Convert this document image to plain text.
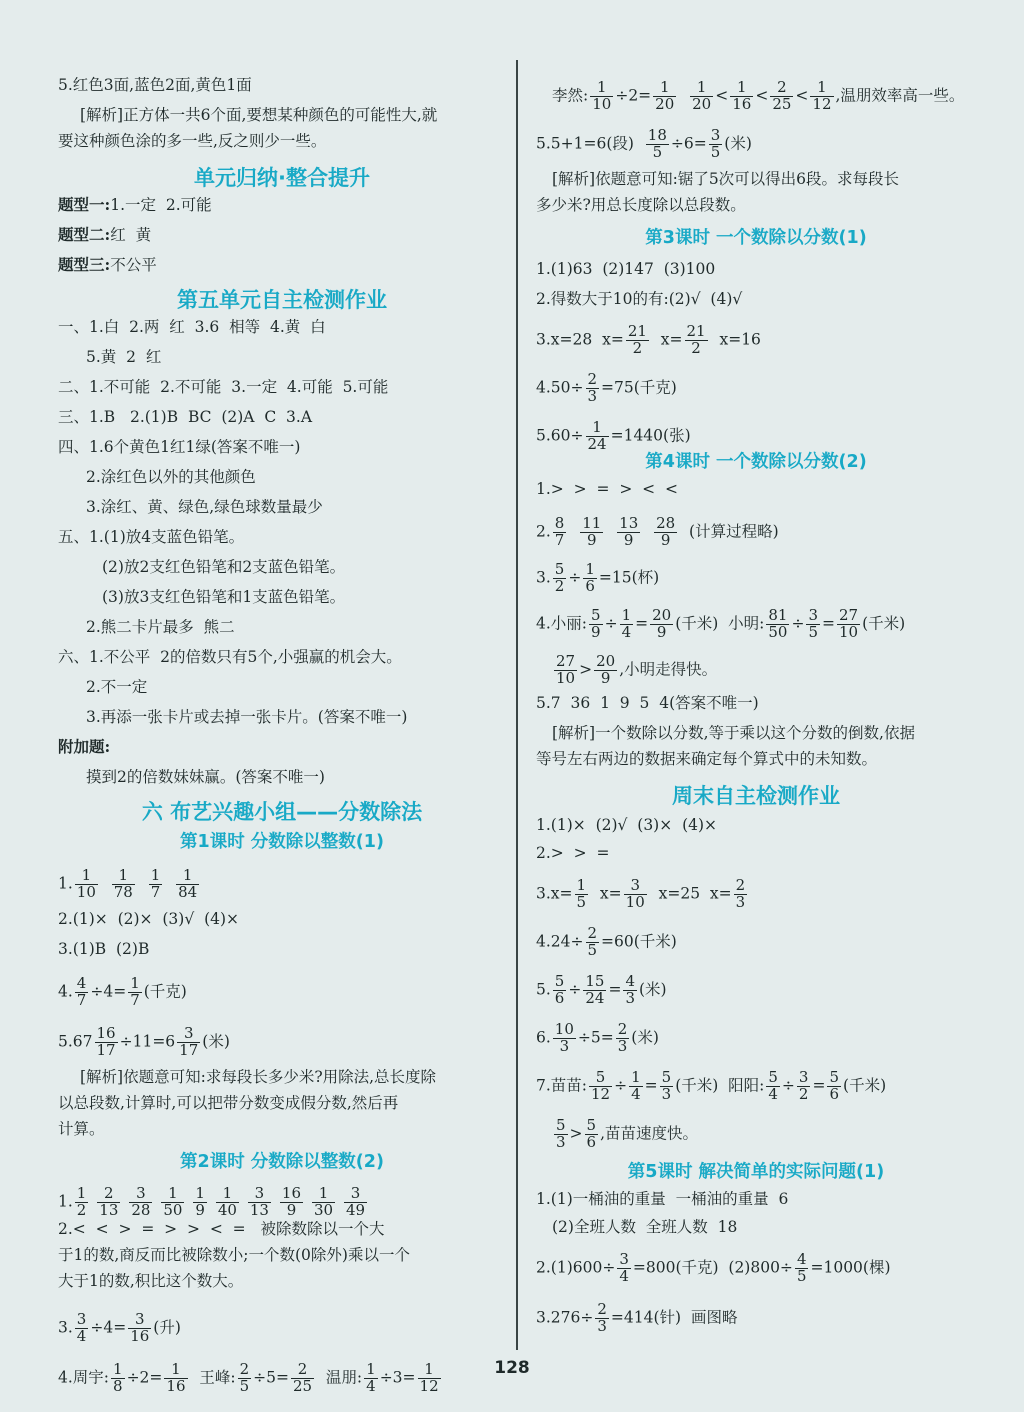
5.红色3面,蓝色2面,黄色1面
[解析]正方体一共6个面,要想某种颜色的可能性大,就
要这种颜色涂的多一些,反之则少一些。
单元归纳·整合提升
题型一:1.一定  2.可能
题型二:红  黄
题型三:不公平
第五单元自主检测作业
一、1.白  2.两  红  3.6  相等  4.黄  白
5.黄  2  红
二、1.不可能  2.不可能  3.一定  4.可能  5.可能
三、1.B   2.(1)B  BC  (2)A  C  3.A
四、1.6个黄色1红1绿(答案不唯一)
2.涂红色以外的其他颜色
3.涂红、黄、绿色,绿色球数量最少
五、1.(1)放4支蓝色铅笔。
(2)放2支红色铅笔和2支蓝色铅笔。
(3)放3支红色铅笔和1支蓝色铅笔。
2.熊二卡片最多  熊二
六、1.不公平  2的倍数只有5个,小强赢的机会大。
2.不一定
3.再添一张卡片或去掉一张卡片。(答案不唯一)
附加题:
摸到2的倍数妹妹赢。(答案不唯一)
六 布艺兴趣小组——分数除法
第1课时 分数除以整数(1)
1. $\frac{1}{10}$
$\frac{1}{78}$
$\frac{1}{7}$
$\frac{1}{84}$
2.(1)×  (2)×  (3)√  (4)×
3.(1)B  (2)B
4. $\frac{4}{7} \div 4= \frac{1}{7}$ (千克)
$5.67 \frac{16}{17} \div 11=6 \frac{3}{17}$ (米)
[解析]依题意可知:求每段长多少米?用除法,总长度除
以总段数,计算时,可以把带分数变成假分数,然后再
计算。
第2课时 分数除以整数(2)
1. $\frac{1}{2}$
$\frac{2}{13}$
$\frac{3}{28}$
$\frac{1}{50}$
$\frac{1}{9}$
$\frac{1}{40}$
$\frac{3}{13}$
$\frac{16}{9}$
$\frac{1}{30}$
$\frac{3}{49}$
2.<  <  >  =  >  >  <  =   被除数除以一个大
于1的数,商反而比被除数小;一个数(0除外)乘以一个
大于1的数,积比这个数大。
3. $\frac{3}{4} \div 4= \frac{3}{16}$ (升)
4.周宇: $\frac{1}{8} \div 2= \frac{1}{16}$ 王峰: $\frac{2}{5} \div 5= \frac{2}{25}$ 温朋: $\frac{1}{4} \div 3= \frac{1}{12}$
李然: $\frac{1}{10} \div 2= \frac{1}{20}$
$\frac{1}{20} < \frac{1}{16} < \frac{2}{25} < \frac{1}{12}$ ,温朋效率高一些。
5.5+1=6(段) $\frac{18}{5} \div 6= \frac{3}{5}$ (米)
[解析]依题意可知:锯了5次可以得出6段。求每段长
多少米?用总长度除以总段数。
第3课时 一个数除以分数(1)
1.(1)63  (2)147  (3)100
2.得数大于10的有:(2)√  (4)√
3.x=28  $x= \frac{21}{2} x= \frac{21}{2} x=16$
$4.50\div \frac{2}{3} =75$(千克)
$5.60\div \frac{1}{24} =1440$(张)
第4课时 一个数除以分数(2)
1.>  >  =  >  <  <
2. $\frac{8}{7}$
$\frac{11}{9}$
$\frac{13}{9}$
$\frac{28}{9}$ (计算过程略)
3. $\frac{5}{2} \div \frac{1}{6} =15$(杯)
4.小丽: $\frac{5}{9} \div \frac{1}{4} = \frac{20}{9}$ (千米)  小明: $\frac{81}{50} \div \frac{3}{5} = \frac{27}{10}$ (千米)
$\frac{27}{10} > \frac{20}{9}$ ,小明走得快。
5.7  36  1  9  5  4(答案不唯一)
[解析]一个数除以分数,等于乘以这个分数的倒数,依据
等号左右两边的数据来确定每个算式中的未知数。
周末自主检测作业
1.(1)×  (2)√  (3)×  (4)×
2.>  >  =
$3.x= \frac{1}{5} x= \frac{3}{10} x=25$  $x= \frac{2}{3}$
$4.24\div \frac{2}{5} =60$(千米)
5. $\frac{5}{6} \div \frac{15}{24} = \frac{4}{3}$ (米)
6. $\frac{10}{3} \div 5= \frac{2}{3}$ (米)
7.苗苗: $\frac{5}{12} \div \frac{1}{4} = \frac{5}{3}$ (千米)  阳阳: $\frac{5}{4} \div \frac{3}{2} = \frac{5}{6}$ (千米)
$\frac{5}{3} > \frac{5}{6}$ ,苗苗速度快。
第5课时 解决简单的实际问题(1)
1.(1)一桶油的重量  一桶油的重量  6
(2)全班人数  全班人数  18
$2.(1)600\div \frac{3}{4} =800$(千克)  $(2)800\div \frac{4}{5} =1000$(棵)
$3.276\div \frac{2}{3} =414$(针)  画图略
128
